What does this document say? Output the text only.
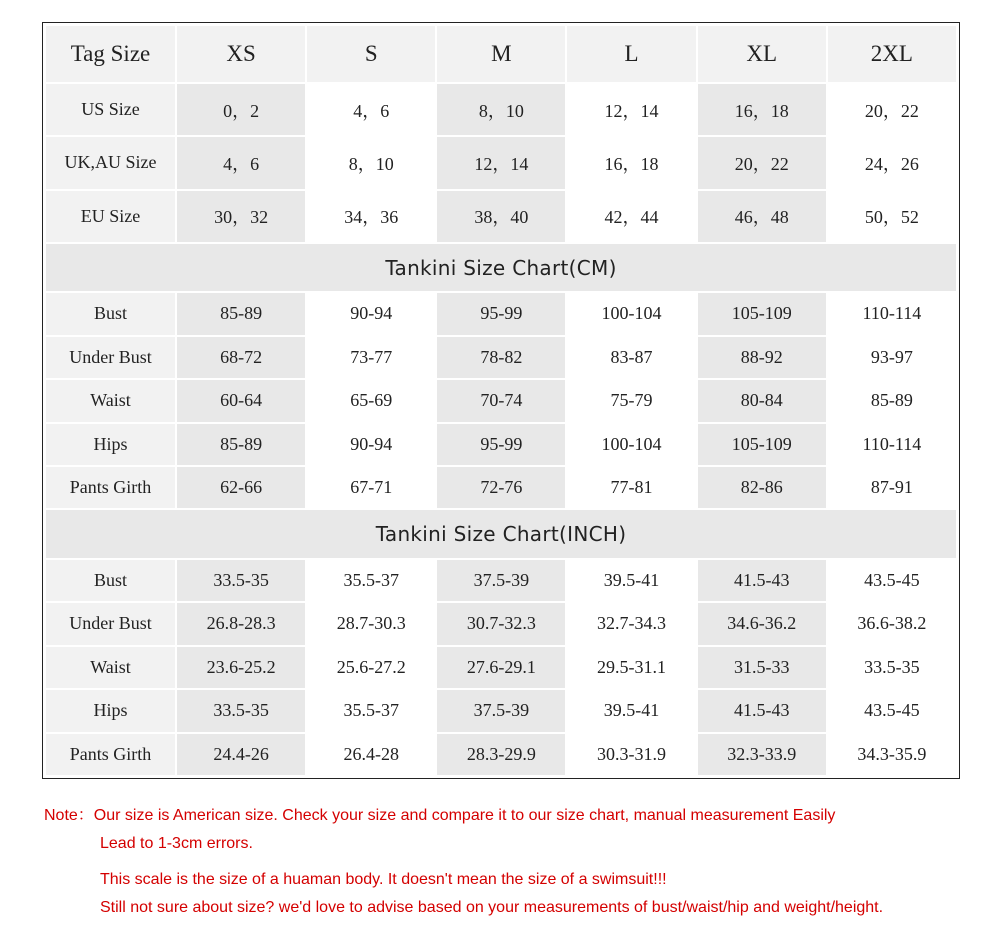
Tag Size	XS	S	M	L	XL	2XL
US Size	0，2	4，6	8，10	12，14	16，18	20，22
UK,AU Size	4，6	8，10	12，14	16，18	20，22	24，26
EU Size	30，32	34，36	38，40	42，44	46，48	50，52
Tankini Size Chart(CM)						
Bust	85-89	90-94	95-99	100-104	105-109	110-114
Under Bust	68-72	73-77	78-82	83-87	88-92	93-97
Waist	60-64	65-69	70-74	75-79	80-84	85-89
Hips	85-89	90-94	95-99	100-104	105-109	110-114
Pants Girth	62-66	67-71	72-76	77-81	82-86	87-91
Tankini Size Chart(INCH)						
Bust	33.5-35	35.5-37	37.5-39	39.5-41	41.5-43	43.5-45
Under Bust	26.8-28.3	28.7-30.3	30.7-32.3	32.7-34.3	34.6-36.2	36.6-38.2
Waist	23.6-25.2	25.6-27.2	27.6-29.1	29.5-31.1	31.5-33	33.5-35
Hips	33.5-35	35.5-37	37.5-39	39.5-41	41.5-43	43.5-45
Pants Girth	24.4-26	26.4-28	28.3-29.9	30.3-31.9	32.3-33.9	34.3-35.9
Note：Our size is American size. Check your size and compare it to our size chart, manual measurement Easily
Lead to 1-3cm errors.
This scale is the size of a huaman body. It doesn't mean the size of a swimsuit!!!
Still not sure about size? we'd love to advise based on your measurements of bust/waist/hip and weight/height.
